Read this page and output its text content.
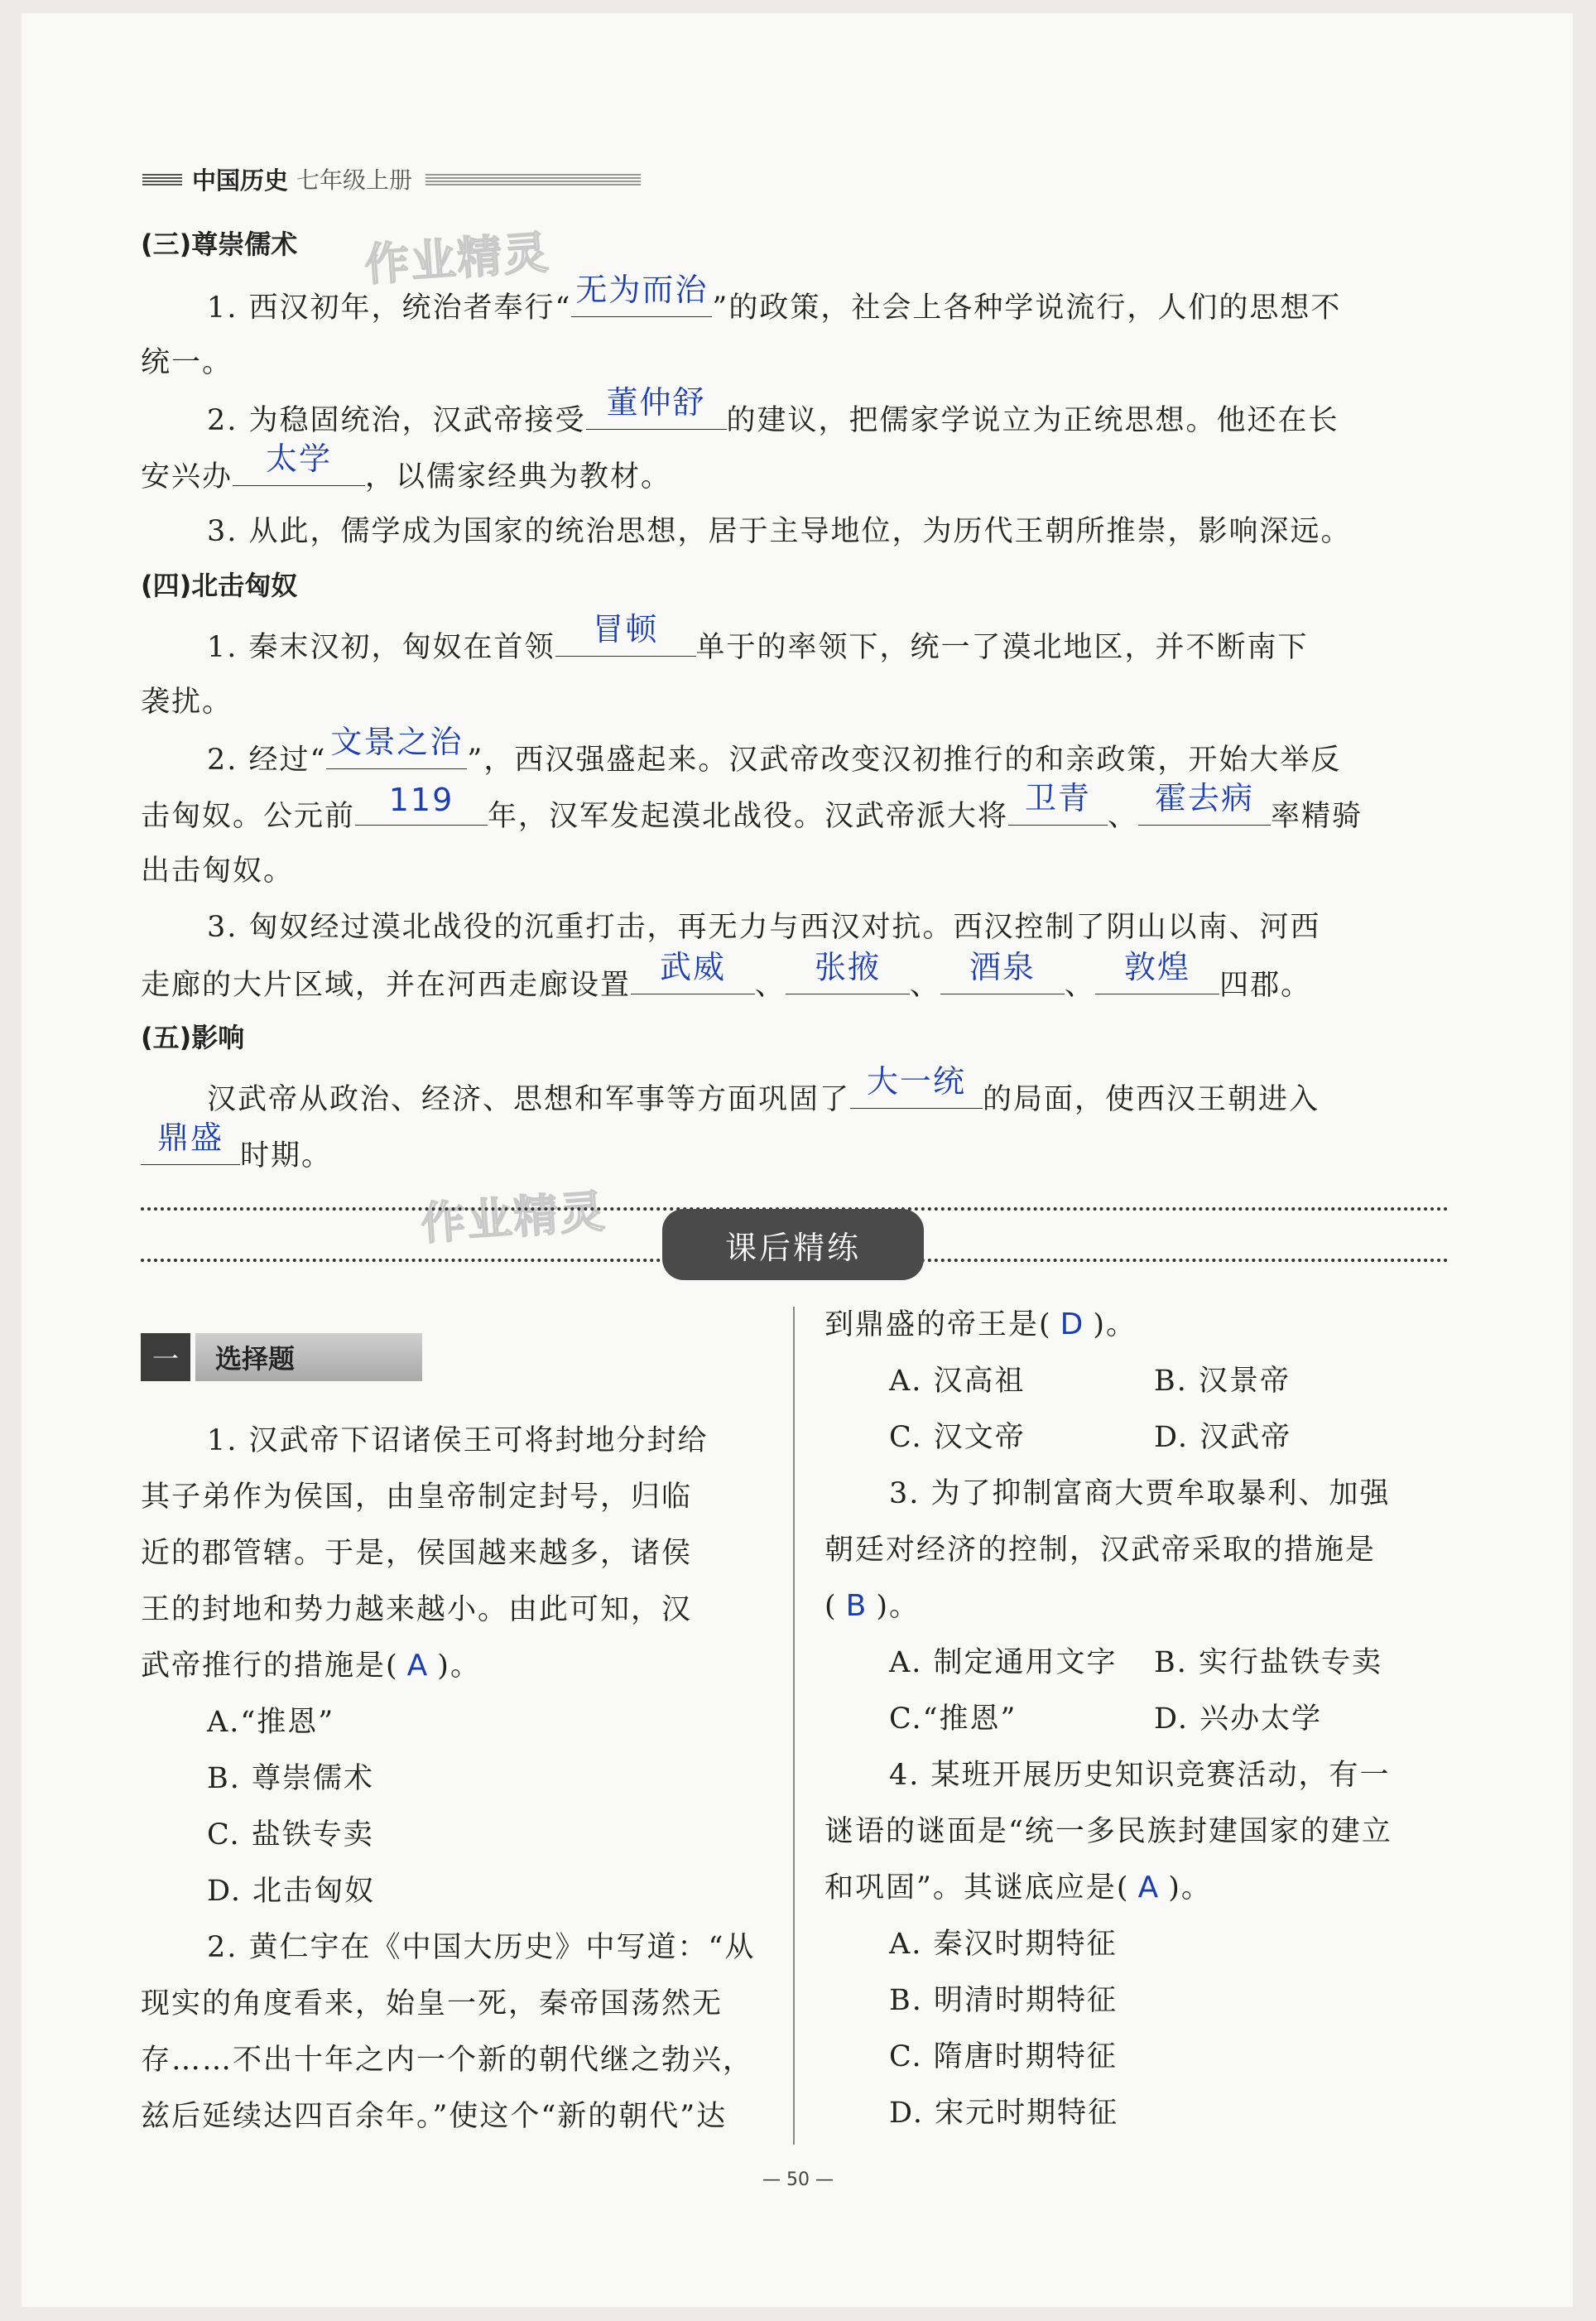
中国历史 七年级上册
作业精灵
作业精灵
(三)尊崇儒术
1. 西汉初年，统治者奉行“ 无为而治 ”的政策，社会上各种学说流行，人们的思想不
统一。
2. 为稳固统治，汉武帝接受 董仲舒 的建议，把儒家学说立为正统思想。他还在长
安兴办	太学	，以儒家经典为教材。
3. 从此，儒学成为国家的统治思想，居于主导地位，为历代王朝所推崇，影响深远。
(四)北击匈奴
1. 秦末汉初，匈奴在首领	冒顿	单于的率领下，统一了漠北地区，并不断南下
袭扰。
2. 经过“ 文景之治 ”，西汉强盛起来。汉武帝改变汉初推行的和亲政策，开始大举反
击匈奴。公元前	119	年，汉军发起漠北战役。汉武帝派大将 卫青 、 霍去病 率精骑
出击匈奴。
3. 匈奴经过漠北战役的沉重打击，再无力与西汉对抗。西汉控制了阴山以南、河西
走廊的大片区域，并在河西走廊设置 武威	、 张掖	、 酒泉	、 敦煌	四郡。
(五)影响
汉武帝从政治、经济、思想和军事等方面巩固了 大一统 的局面，使西汉王朝进入
鼎盛 时期。
课后精练
一	选择题
1. 汉武帝下诏诸侯王可将封地分封给
其子弟作为侯国，由皇帝制定封号，归临
近的郡管辖。于是，侯国越来越多，诸侯
王的封地和势力越来越小。由此可知，汉
武帝推行的措施是( A )。
A.“推恩”
B. 尊崇儒术
C. 盐铁专卖
D. 北击匈奴
2. 黄仁宇在《中国大历史》中写道：“从
现实的角度看来，始皇一死，秦帝国荡然无
存……不出十年之内一个新的朝代继之勃兴，
兹后延续达四百余年。”使这个“新的朝代”达
到鼎盛的帝王是( D )。
A. 汉高祖	B. 汉景帝
C. 汉文帝	D. 汉武帝
3. 为了抑制富商大贾牟取暴利、加强
朝廷对经济的控制，汉武帝采取的措施是
( B )。
A. 制定通用文字 B. 实行盐铁专卖
C.“推恩”	D. 兴办太学
4. 某班开展历史知识竞赛活动，有一
谜语的谜面是“统一多民族封建国家的建立
和巩固”。其谜底应是( A )。
A. 秦汉时期特征
B. 明清时期特征
C. 隋唐时期特征
D. 宋元时期特征
— 50 —
